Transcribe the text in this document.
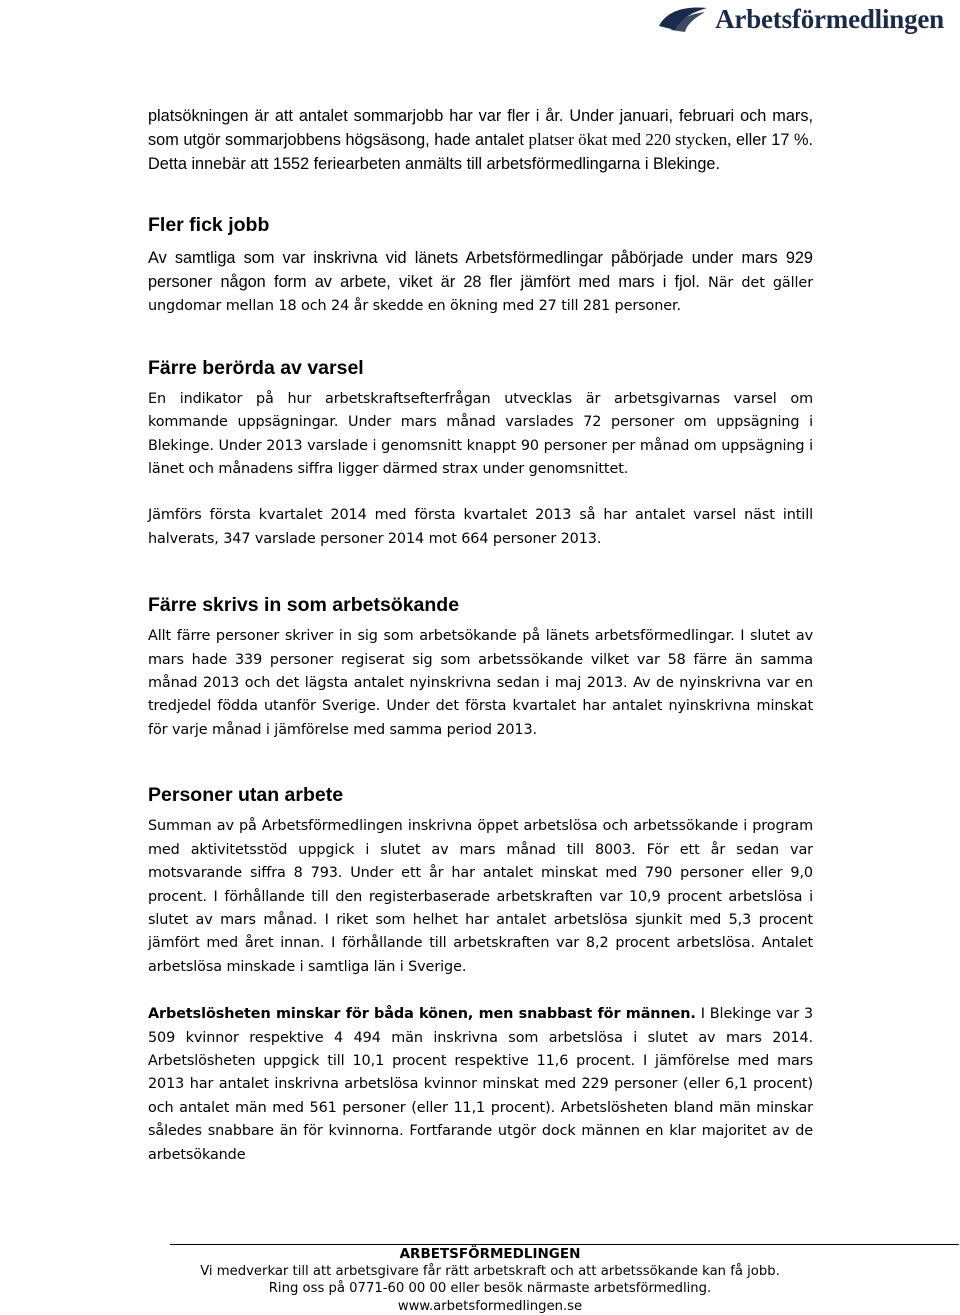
Arbetsförmedlingen

platsökningen är att antalet sommarjobb har var fler i år. Under januari, februari och mars, som utgör sommarjobbens högsäsong, hade antalet platser ökat med 220 stycken, eller 17 %. Detta innebär att 1552 feriearbeten anmälts till arbetsförmedlingarna i Blekinge.

Fler fick jobb

Av samtliga som var inskrivna vid länets Arbetsförmedlingar påbörjade under mars 929 personer någon form av arbete, viket är 28 fler jämfört med mars i fjol. När det gäller ungdomar mellan 18 och 24 år skedde en ökning med 27 till 281 personer.

Färre berörda av varsel

En indikator på hur arbetskraftsefterfrågan utvecklas är arbetsgivarnas varsel om kommande uppsägningar. Under mars månad varslades 72 personer om uppsägning i Blekinge. Under 2013 varslade i genomsnitt knappt 90 personer per månad om uppsägning i länet och månadens siffra ligger därmed strax under genomsnittet.

Jämförs första kvartalet 2014 med första kvartalet 2013 så har antalet varsel näst intill halverats, 347 varslade personer 2014 mot 664 personer 2013.

Färre skrivs in som arbetsökande

Allt färre personer skriver in sig som arbetsökande på länets arbetsförmedlingar. I slutet av mars hade 339 personer regiserat sig som arbetssökande vilket var 58 färre än samma månad 2013 och det lägsta antalet nyinskrivna sedan i maj 2013. Av de nyinskrivna var en tredjedel födda utanför Sverige. Under det första kvartalet har antalet nyinskrivna minskat för varje månad i jämförelse med samma period 2013.

Personer utan arbete

Summan av på Arbetsförmedlingen inskrivna öppet arbetslösa och arbetssökande i program med aktivitetsstöd uppgick i slutet av mars månad till 8003. För ett år sedan var motsvarande siffra 8 793. Under ett år har antalet minskat med 790 personer eller 9,0 procent. I förhållande till den registerbaserade arbetskraften var 10,9 procent arbetslösa i slutet av mars månad. I riket som helhet har antalet arbetslösa sjunkit med 5,3 procent jämfört med året innan. I förhållande till arbetskraften var 8,2 procent arbetslösa. Antalet arbetslösa minskade i samtliga län i Sverige.

Arbetslösheten minskar för båda könen, men snabbast för männen. I Blekinge var 3 509 kvinnor respektive 4 494 män inskrivna som arbetslösa i slutet av mars 2014. Arbetslösheten uppgick till 10,1 procent respektive 11,6 procent. I jämförelse med mars 2013 har antalet inskrivna arbetslösa kvinnor minskat med 229 personer (eller 6,1 procent) och antalet män med 561 personer (eller 11,1 procent). Arbetslösheten bland män minskar således snabbare än för kvinnorna. Fortfarande utgör dock männen en klar majoritet av de arbetsökande

ARBETSFÖRMEDLINGEN
Vi medverkar till att arbetsgivare får rätt arbetskraft och att arbetssökande kan få jobb.
Ring oss på 0771-60 00 00 eller besök närmaste arbetsförmedling.
www.arbetsformedlingen.se
